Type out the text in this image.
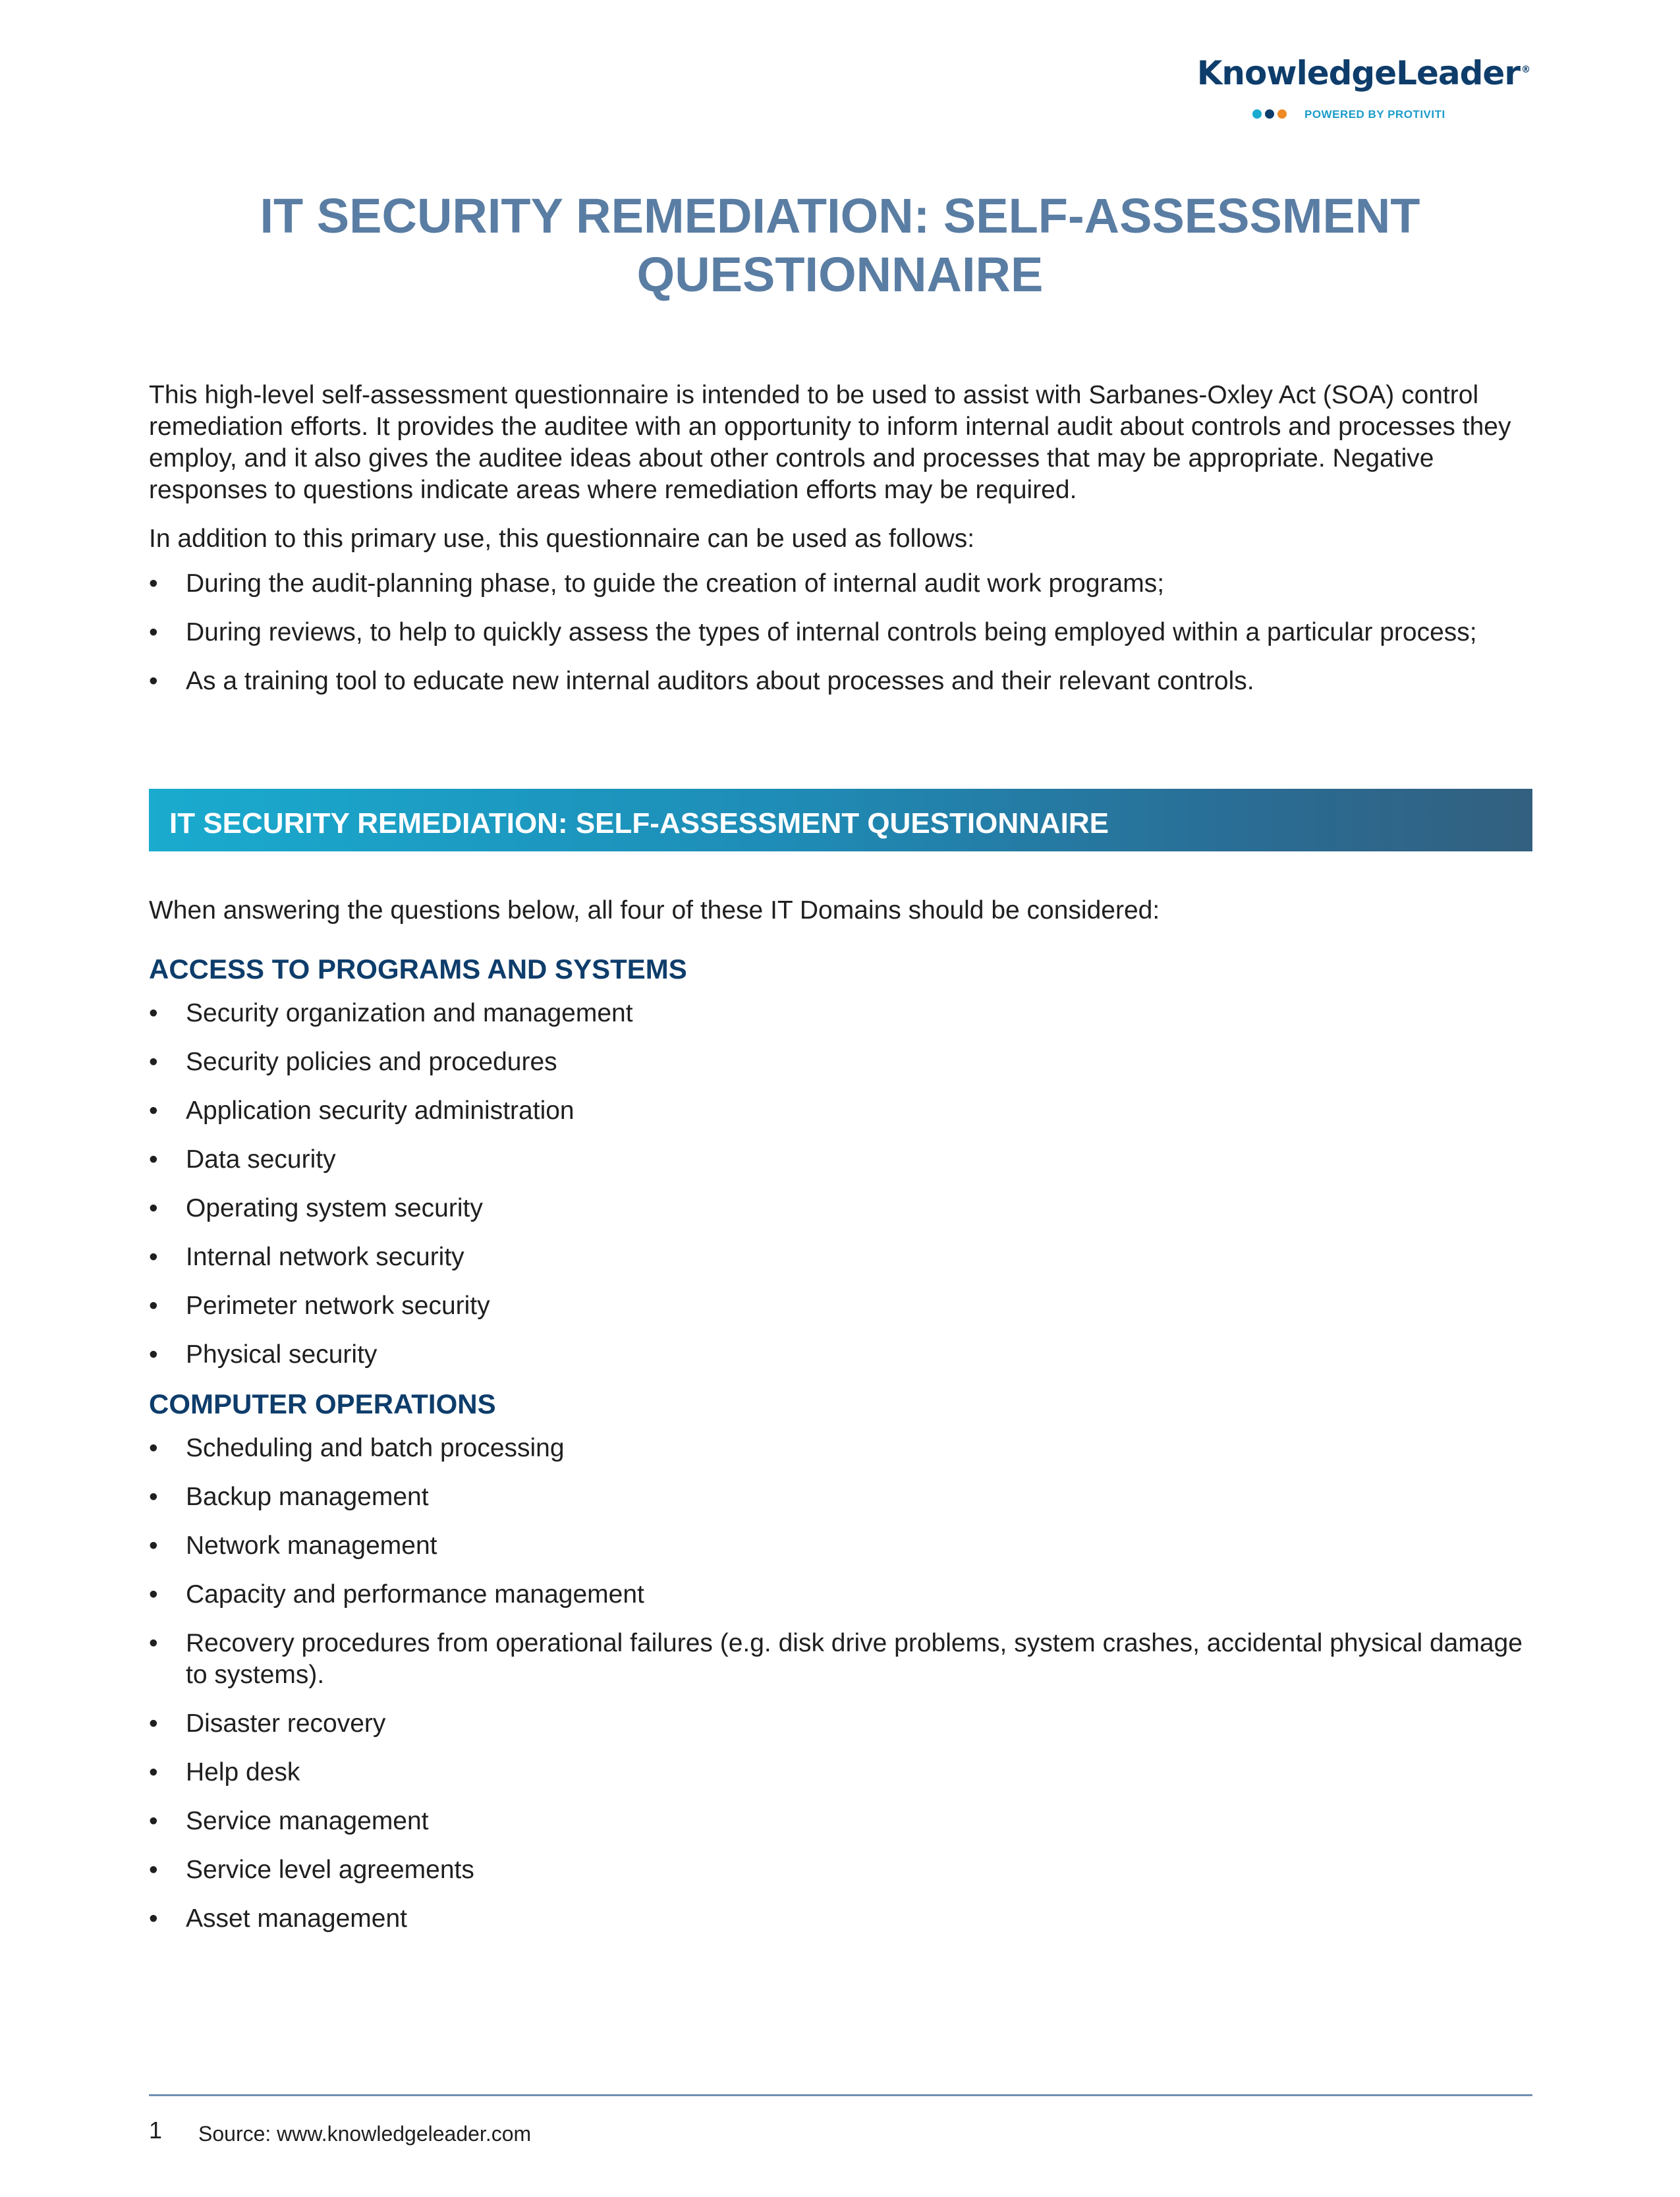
KnowledgeLeader ®
POWERED BY PROTIVITI
IT SECURITY REMEDIATION: SELF-ASSESSMENT QUESTIONNAIRE

This high-level self-assessment questionnaire is intended to be used to assist with Sarbanes-Oxley Act (SOA) control remediation efforts. It provides the auditee with an opportunity to inform internal audit about controls and processes they employ, and it also gives the auditee ideas about other controls and processes that may be appropriate. Negative responses to questions indicate areas where remediation efforts may be required.

In addition to this primary use, this questionnaire can be used as follows:

• During the audit-planning phase, to guide the creation of internal audit work programs;
• During reviews, to help to quickly assess the types of internal controls being employed within a particular process;
• As a training tool to educate new internal auditors about processes and their relevant controls.
IT SECURITY REMEDIATION: SELF-ASSESSMENT QUESTIONNAIRE

When answering the questions below, all four of these IT Domains should be considered:

ACCESS TO PROGRAMS AND SYSTEMS
• Security organization and management
• Security policies and procedures
• Application security administration
• Data security
• Operating system security
• Internal network security
• Perimeter network security
• Physical security
COMPUTER OPERATIONS
• Scheduling and batch processing
• Backup management
• Network management
• Capacity and performance management
• Recovery procedures from operational failures (e.g. disk drive problems, system crashes, accidental physical damage to systems).
• Disaster recovery
• Help desk
• Service management
• Service level agreements
• Asset management
1 Source: www.knowledgeleader.com
